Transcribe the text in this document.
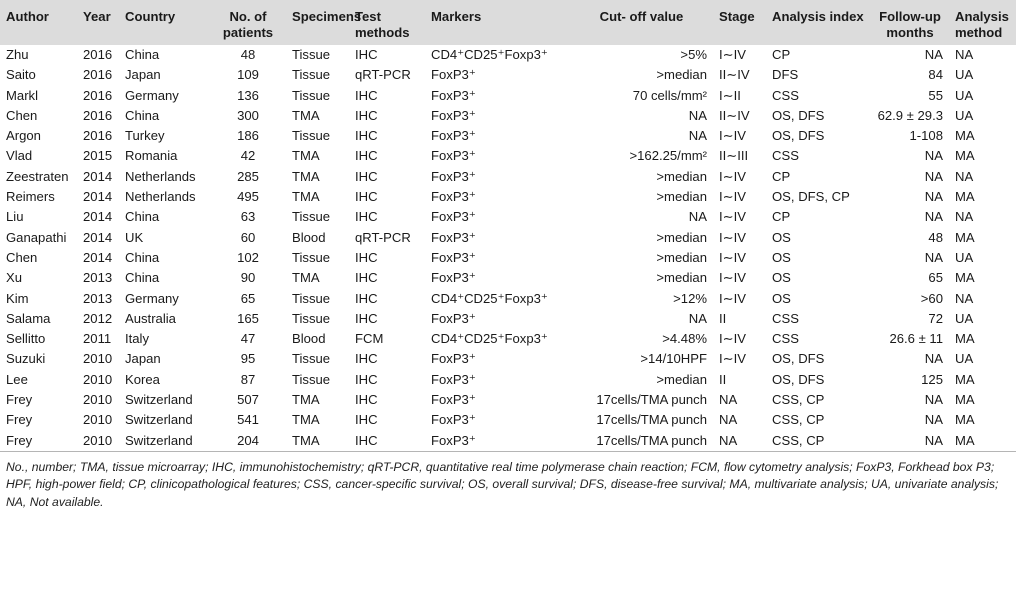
Author	Year	Country	No. of patients	Specimens	Test methods	Markers	Cut- off value	Stage	Analysis index	Follow-up months	Analysis method
Zhu	2016	China	48	Tissue	IHC	CD4⁺CD25⁺Foxp3⁺	>5%	I∼IV	CP	NA	NA
Saito	2016	Japan	109	Tissue	qRT-PCR	FoxP3⁺	>median	II∼IV	DFS	84	UA
Markl	2016	Germany	136	Tissue	IHC	FoxP3⁺	70 cells/mm²	I∼II	CSS	55	UA
Chen	2016	China	300	TMA	IHC	FoxP3⁺	NA	II∼IV	OS, DFS	62.9 ± 29.3	UA
Argon	2016	Turkey	186	Tissue	IHC	FoxP3⁺	NA	I∼IV	OS, DFS	1-108	MA
Vlad	2015	Romania	42	TMA	IHC	FoxP3⁺	>162.25/mm²	II∼III	CSS	NA	MA
Zeestraten	2014	Netherlands	285	TMA	IHC	FoxP3⁺	>median	I∼IV	CP	NA	NA
Reimers	2014	Netherlands	495	TMA	IHC	FoxP3⁺	>median	I∼IV	OS, DFS, CP	NA	MA
Liu	2014	China	63	Tissue	IHC	FoxP3⁺	NA	I∼IV	CP	NA	NA
Ganapathi	2014	UK	60	Blood	qRT-PCR	FoxP3⁺	>median	I∼IV	OS	48	MA
Chen	2014	China	102	Tissue	IHC	FoxP3⁺	>median	I∼IV	OS	NA	UA
Xu	2013	China	90	TMA	IHC	FoxP3⁺	>median	I∼IV	OS	65	MA
Kim	2013	Germany	65	Tissue	IHC	CD4⁺CD25⁺Foxp3⁺	>12%	I∼IV	OS	>60	NA
Salama	2012	Australia	165	Tissue	IHC	FoxP3⁺	NA	II	CSS	72	UA
Sellitto	2011	Italy	47	Blood	FCM	CD4⁺CD25⁺Foxp3⁺	>4.48%	I∼IV	CSS	26.6 ± 11	MA
Suzuki	2010	Japan	95	Tissue	IHC	FoxP3⁺	>14/10HPF	I∼IV	OS, DFS	NA	UA
Lee	2010	Korea	87	Tissue	IHC	FoxP3⁺	>median	II	OS, DFS	125	MA
Frey	2010	Switzerland	507	TMA	IHC	FoxP3⁺	17cells/TMA punch	NA	CSS, CP	NA	MA
Frey	2010	Switzerland	541	TMA	IHC	FoxP3⁺	17cells/TMA punch	NA	CSS, CP	NA	MA
Frey	2010	Switzerland	204	TMA	IHC	FoxP3⁺	17cells/TMA punch	NA	CSS, CP	NA	MA
No., number; TMA, tissue microarray; IHC, immunohistochemistry; qRT-PCR, quantitative real time polymerase chain reaction; FCM, flow cytometry analysis; FoxP3, Forkhead box P3; HPF, high-power field; CP, clinicopathological features; CSS, cancer-specific survival; OS, overall survival; DFS, disease-free survival; MA, multivariate analysis; UA, univariate analysis; NA, Not available.
